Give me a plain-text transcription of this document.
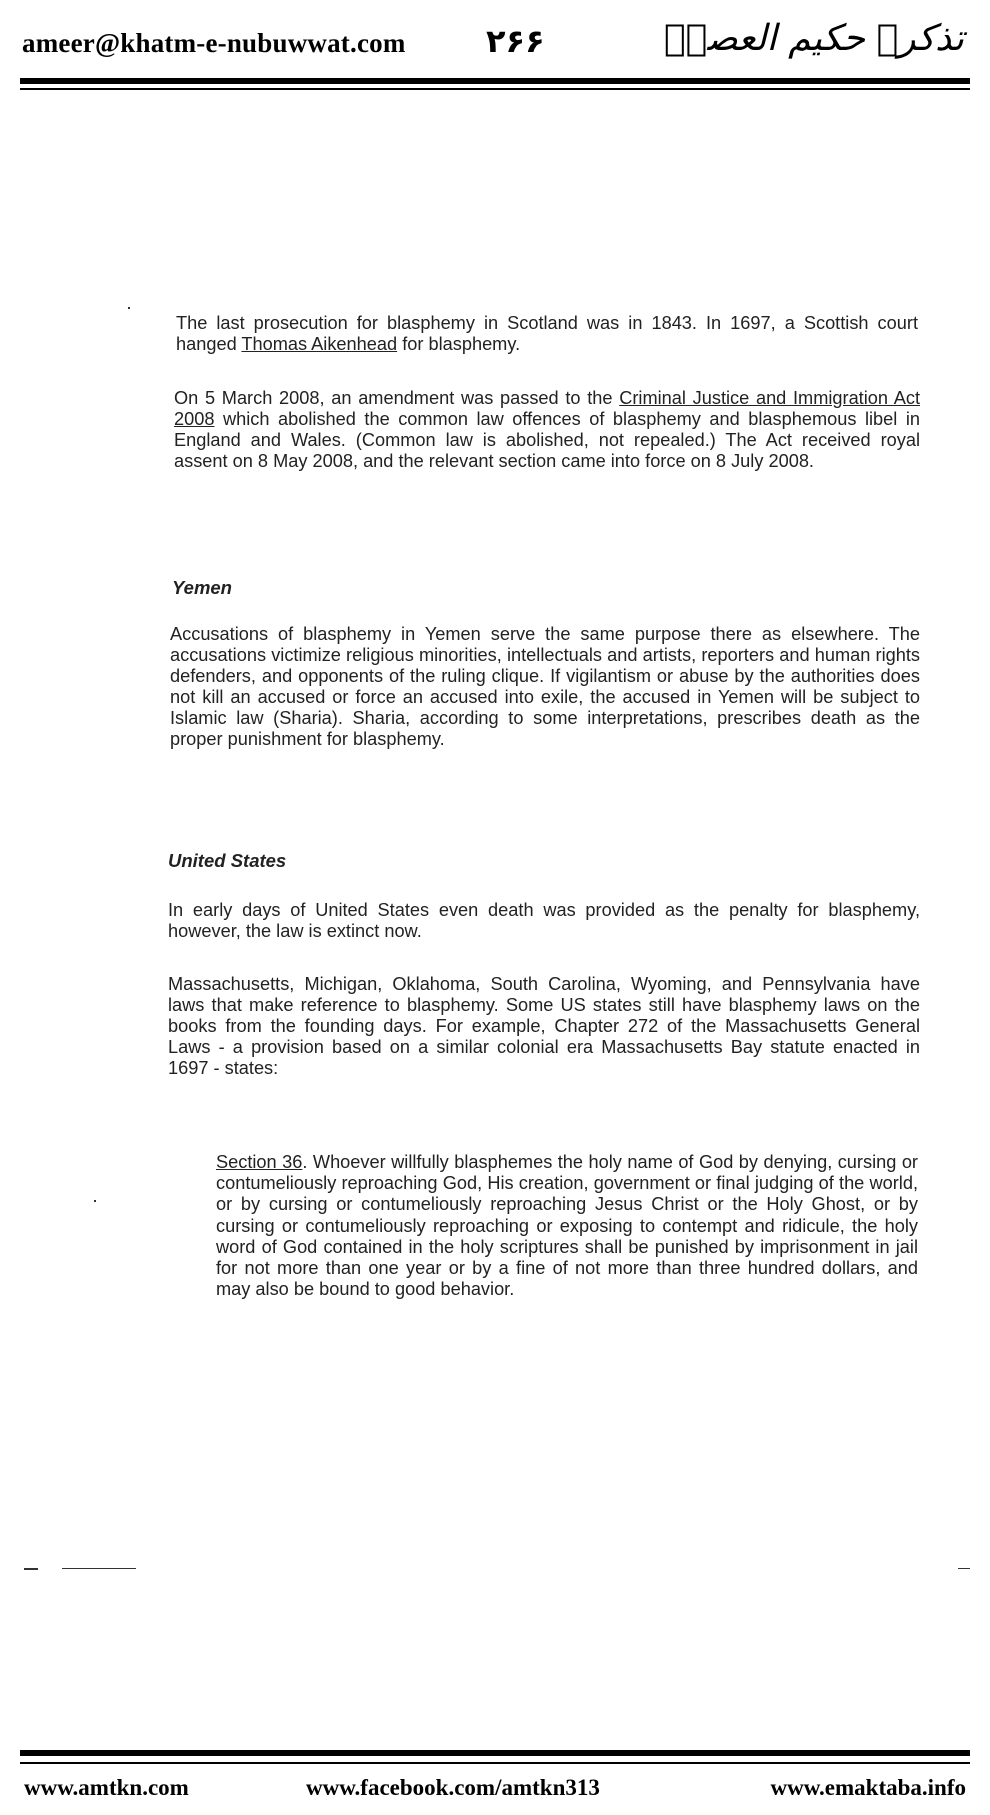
ameer@khatm-e-nubuwwat.com	۲۶۶	تذکرہ حکیم العصرؒ

The last prosecution for blasphemy in Scotland was in 1843. In 1697, a Scottish court hanged Thomas Aikenhead for blasphemy.

On 5 March 2008, an amendment was passed to the Criminal Justice and Immigration Act 2008 which abolished the common law offences of blasphemy and blasphemous libel in England and Wales. (Common law is abolished, not repealed.) The Act received royal assent on 8 May 2008, and the relevant section came into force on 8 July 2008.

Yemen

Accusations of blasphemy in Yemen serve the same purpose there as elsewhere. The accusations victimize religious minorities, intellectuals and artists, reporters and human rights defenders, and opponents of the ruling clique. If vigilantism or abuse by the authorities does not kill an accused or force an accused into exile, the accused in Yemen will be subject to Islamic law (Sharia). Sharia, according to some interpretations, prescribes death as the proper punishment for blasphemy.

United States

In early days of United States even death was provided as the penalty for blasphemy, however, the law is extinct now.

Massachusetts, Michigan, Oklahoma, South Carolina, Wyoming, and Pennsylvania have laws that make reference to blasphemy. Some US states still have blasphemy laws on the books from the founding days. For example, Chapter 272 of the Massachusetts General Laws - a provision based on a similar colonial era Massachusetts Bay statute enacted in 1697 - states:

Section 36. Whoever willfully blasphemes the holy name of God by denying, cursing or contumeliously reproaching God, His creation, government or final judging of the world, or by cursing or contumeliously reproaching Jesus Christ or the Holy Ghost, or by cursing or contumeliously reproaching or exposing to contempt and ridicule, the holy word of God contained in the holy scriptures shall be punished by imprisonment in jail for not more than one year or by a fine of not more than three hundred dollars, and may also be bound to good behavior.
www.amtkn.com	www.facebook.com/amtkn313	www.emaktaba.info
